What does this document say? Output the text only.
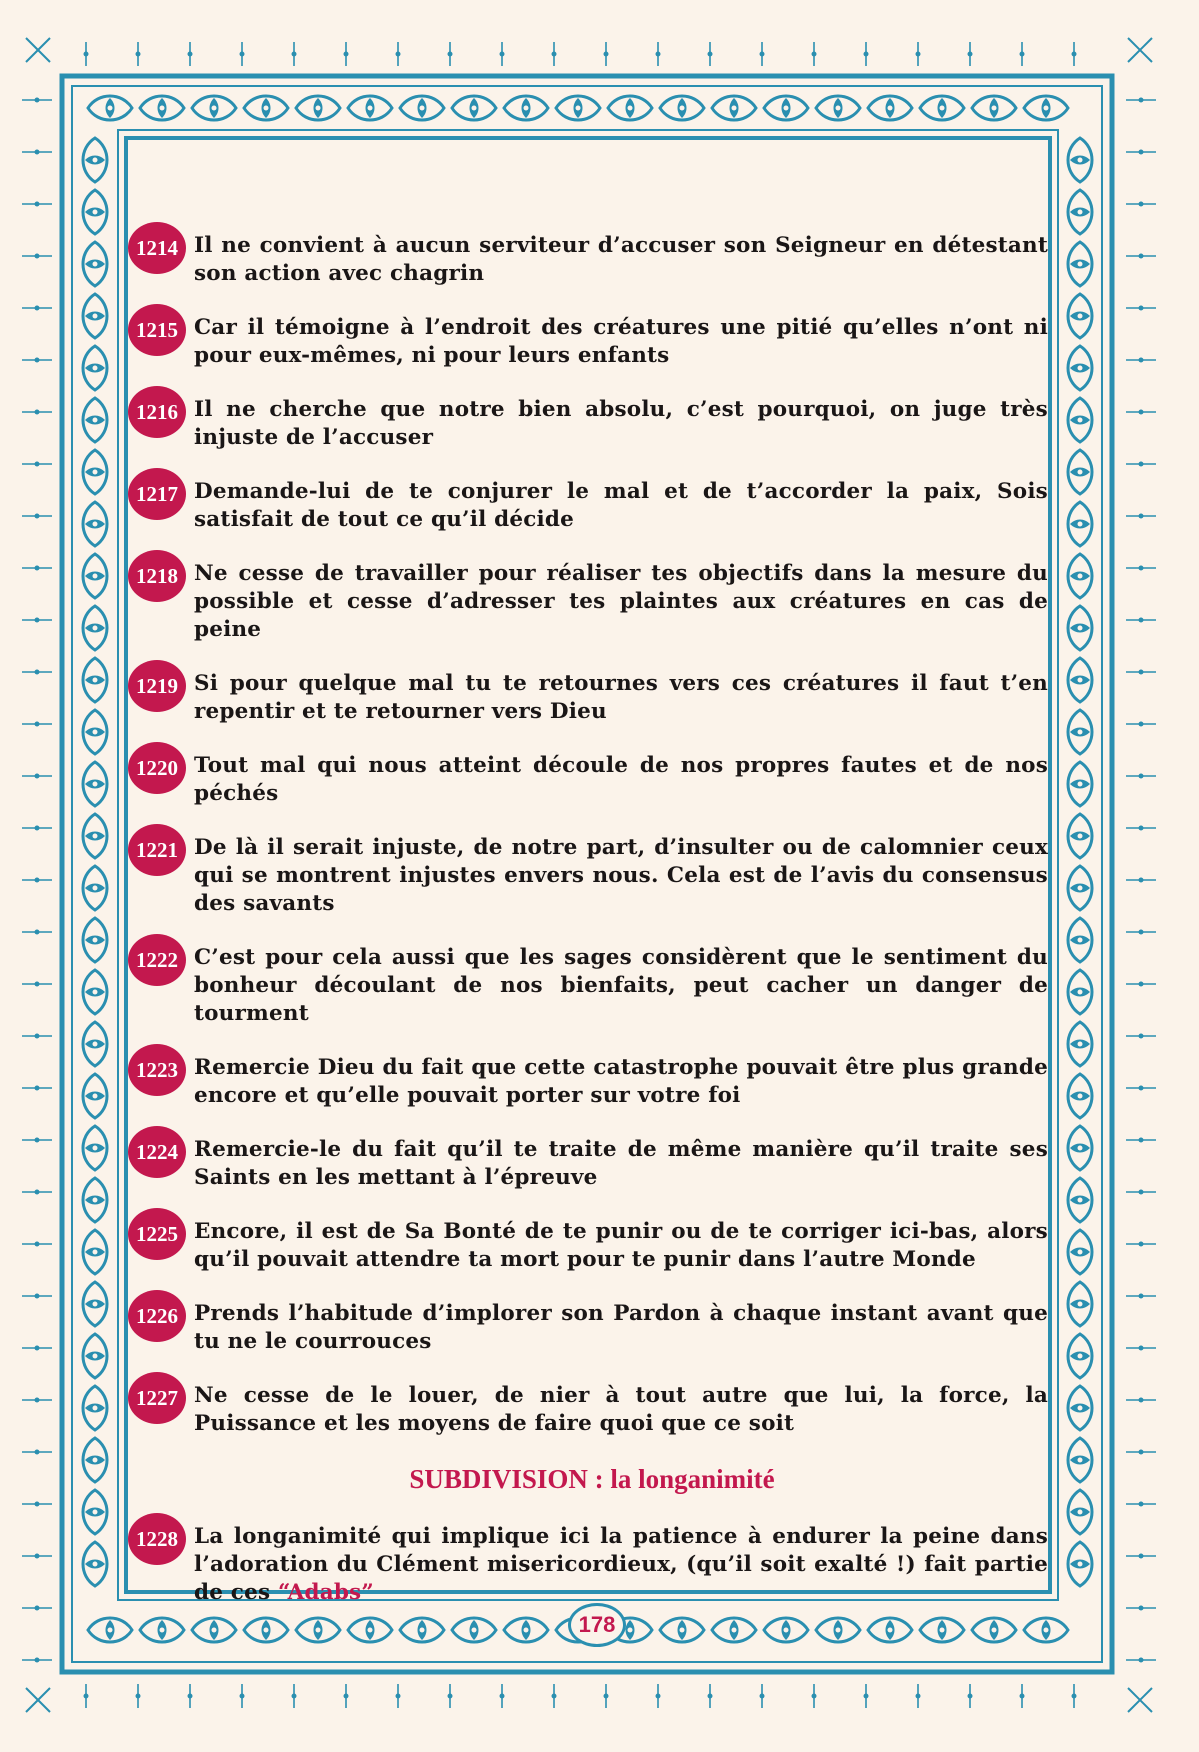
1214 Il ne convient à aucun serviteur d’accuser son Seigneur en détestant son action avec chagrin
1215 Car il témoigne à l’endroit des créatures une pitié qu’elles n’ont ni pour eux-mêmes, ni pour leurs enfants
1216 Il ne cherche que notre bien absolu, c’est pourquoi, on juge très injuste de l’accuser
1217 Demande-lui de te conjurer le mal et de t’accorder la paix, Sois satisfait de tout ce qu’il décide
1218 Ne cesse de travailler pour réaliser tes objectifs dans la mesure du possible et cesse d’adresser tes plaintes aux créatures en cas de peine
1219 Si pour quelque mal tu te retournes vers ces créatures il faut t’en repentir et te retourner vers Dieu
1220 Tout mal qui nous atteint découle de nos propres fautes et de nos péchés
1221 De là il serait injuste, de notre part, d’insulter ou de calomnier ceux qui se montrent injustes envers nous. Cela est de l’avis du consensus des savants
1222 C’est pour cela aussi que les sages considèrent que le sentiment du bonheur découlant de nos bienfaits, peut cacher un danger de tourment
1223 Remercie Dieu du fait que cette catastrophe pouvait être plus grande encore et qu’elle pouvait porter sur votre foi
1224 Remercie-le du fait qu’il te traite de même manière qu’il traite ses Saints en les mettant à l’épreuve
1225 Encore, il est de Sa Bonté de te punir ou de te corriger ici-bas, alors qu’il pouvait attendre ta mort pour te punir dans l’autre Monde
1226 Prends l’habitude d’implorer son Pardon à chaque instant avant que tu ne le courrouces
1227 Ne cesse de le louer, de nier à tout autre que lui, la force, la Puissance et les moyens de faire quoi que ce soit
SUBDIVISION : la longanimité
1228 La longanimité qui implique ici la patience à endurer la peine dans l’adoration du Clément misericordieux, (qu’il soit exalté !) fait partie de ces “Adabs”
178
